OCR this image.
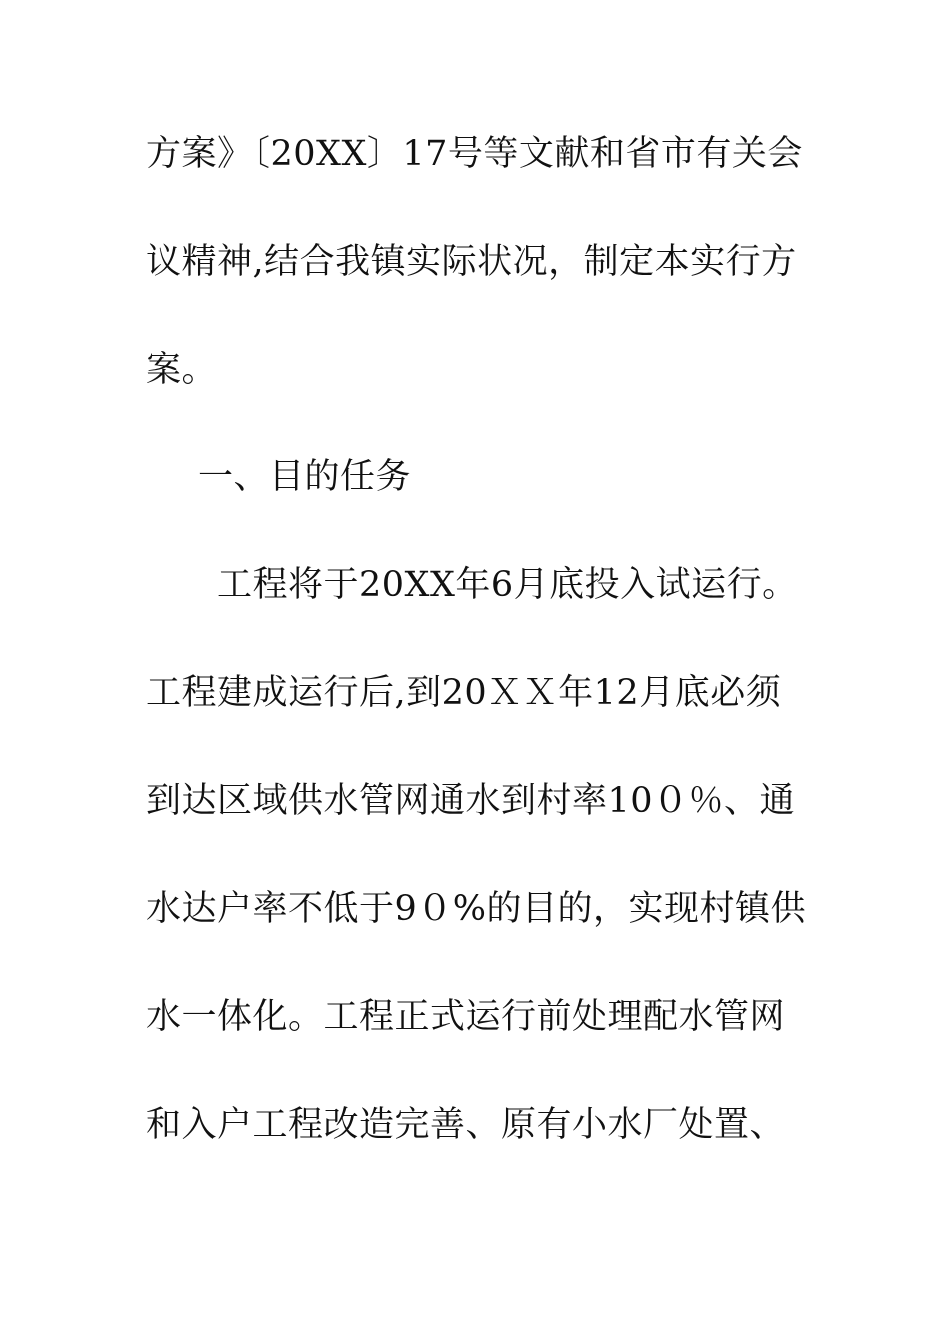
方案》〔20XX〕17号等文献和省市有关会
议精神,结合我镇实际状况，制定本实行方
案。
一、目的任务
工程将于20XX年6月底投入试运行。
工程建成运行后,到20ＸＸ年12月底必须
到达区域供水管网通水到村率10０％、通
水达户率不低于9０%的目的，实现村镇供
水一体化。工程正式运行前处理配水管网
和入户工程改造完善、原有小水厂处置、
